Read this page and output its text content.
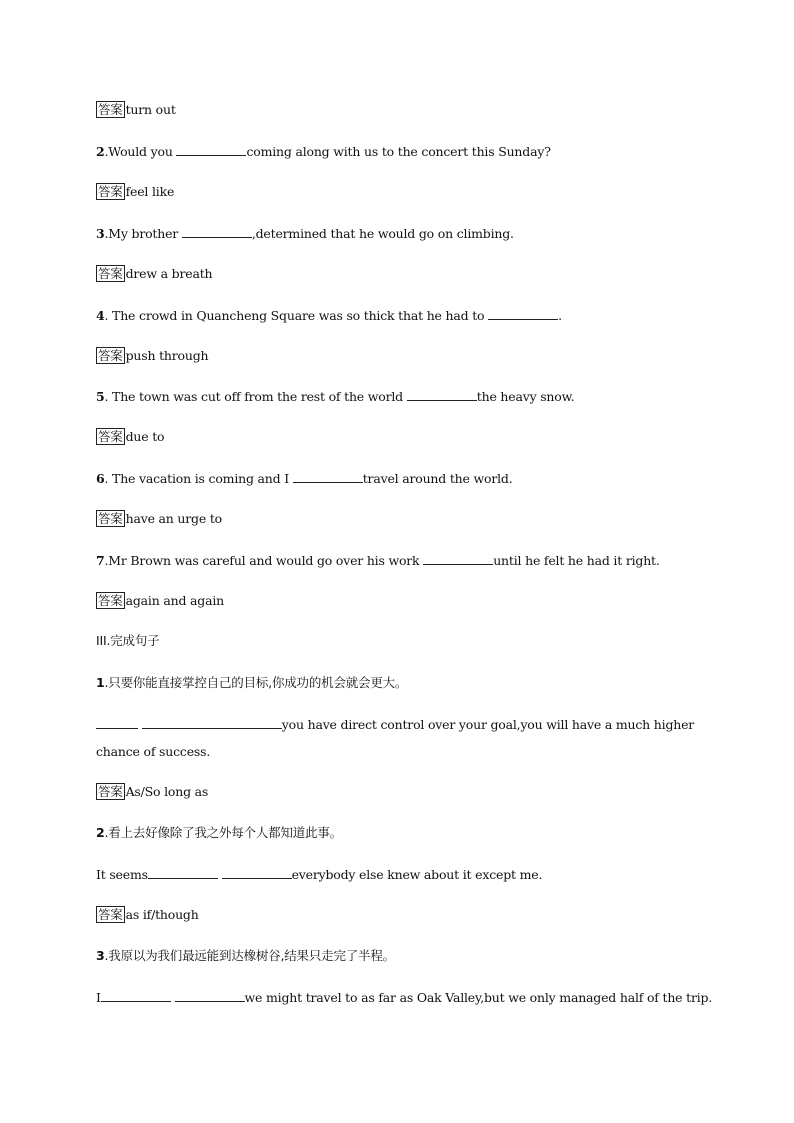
答案 turn out
2.Would you	coming along with us to the concert this Sunday?
答案 feel like
3.My brother	,determined that he would go on climbing.
答案 drew a breath
4. The crowd in Quancheng Square was so thick that he had to	.
答案 push through
5. The town was cut off from the rest of the world	the heavy snow.
答案 due to
6. The vacation is coming and I	travel around the world.
答案 have an urge to
7.Mr Brown was careful and would go over his work	until he felt he had it right.
答案 again and again
III.完成句子
1.只要你能直接掌控自己的目标,你成功的机会就会更大。
you have direct control over your goal,you will have a much higher
chance of success.
答案 As/So long as
2.看上去好像除了我之外每个人都知道此事。
It seems	everybody else knew about it except me.
答案 as if/though
3.我原以为我们最远能到达橡树谷,结果只走完了半程。
I	we might travel to as far as Oak Valley,but we only managed half of the trip.
